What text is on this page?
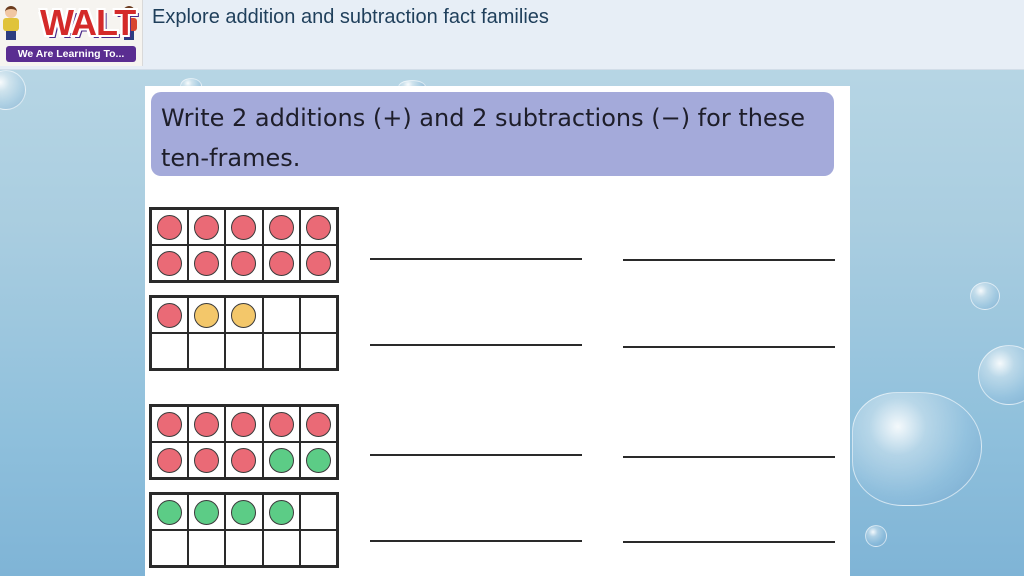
WALT
We Are Learning To...
Explore addition and subtraction fact families
Write 2 additions (+) and 2 subtractions (−) for these ten-frames.
